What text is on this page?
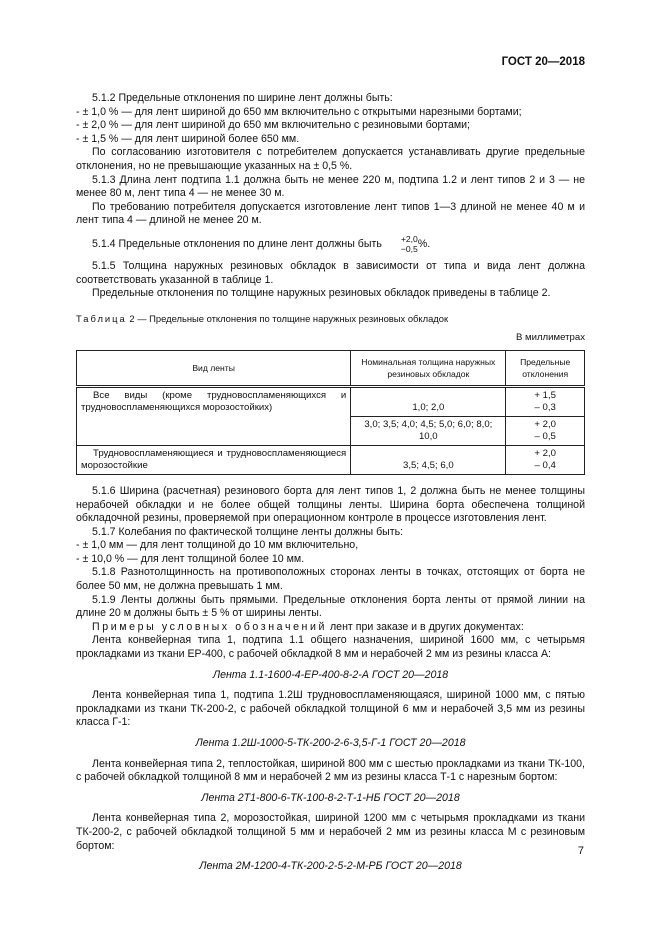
ГОСТ 20—2018

5.1.2 Предельные отклонения по ширине лент должны быть:

- ± 1,0 % — для лент шириной до 650 мм включительно с открытыми нарезными бортами;

- ± 2,0 % — для лент шириной до 650 мм включительно с резиновыми бортами;

- ± 1,5 % — для лент шириной более 650 мм.

По согласованию изготовителя с потребителем допускается устанавливать другие предельные отклонения, но не превышающие указанных на ± 0,5 %.

5.1.3 Длина лент подтипа 1.1 должна быть не менее 220 м, подтипа 1.2 и лент типов 2 и 3 — не менее 80 м, лент типа 4 — не менее 30 м.

По требованию потребителя допускается изготовление лент типов 1—3 длиной не менее 40 м и лент типа 4 — длиной не менее 20 м.

5.1.4 Предельные отклонения по длине лент должны быть	+2,0
−0,5 %.

5.1.5 Толщина наружных резиновых обкладок в зависимости от типа и вида лент должна соответствовать указанной в таблице 1.

Предельные отклонения по толщине наружных резиновых обкладок приведены в таблице 2.

Таблица 2 — Предельные отклонения по толщине наружных резиновых обкладок

В миллиметрах

Вид ленты	Номинальная толщина наружных резиновых обкладок	Предельные отклонения
Все виды (кроме трудновоспламеняющихся и трудновоспламеняющихся морозостойких)	1,0; 2,0	+ 1,5
– 0,3

	3,0; 3,5; 4,0; 4,5; 5,0; 6,0; 8,0; 10,0	+ 2,0
– 0,5

Трудновоспламеняющиеся и трудновоспламеняющиеся морозостойкие	3,5; 4,5; 6,0	+ 2,0
– 0,4

5.1.6 Ширина (расчетная) резинового борта для лент типов 1, 2 должна быть не менее толщины нерабочей обкладки и не более общей толщины ленты. Ширина борта обеспечена толщиной обкладочной резины, проверяемой при операционном контроле в процессе изготовления лент.

5.1.7 Колебания по фактической толщине ленты должны быть:

- ± 1,0 мм — для лент толщиной до 10 мм включительно,

- ± 10,0 % — для лент толщиной более 10 мм.

5.1.8 Разнотолщинность на противоположных сторонах ленты в точках, отстоящих от борта не более 50 мм, не должна превышать 1 мм.

5.1.9 Ленты должны быть прямыми. Предельные отклонения борта ленты от прямой линии на длине 20 м должны быть ± 5 % от ширины ленты.

Примеры условных обозначений лент при заказе и в других документах:

Лента конвейерная типа 1, подтипа 1.1 общего назначения, шириной 1600 мм, с четырьмя прокладками из ткани ЕР-400, с рабочей обкладкой 8 мм и нерабочей 2 мм из резины класса А:

Лента 1.1-1600-4-ЕР-400-8-2-А ГОСТ 20—2018

Лента конвейерная типа 1, подтипа 1.2Ш трудновоспламеняющаяся, шириной 1000 мм, с пятью прокладками из ткани ТК-200-2, с рабочей обкладкой толщиной 6 мм и нерабочей 3,5 мм из резины класса Г-1:

Лента 1.2Ш-1000-5-ТК-200-2-6-3,5-Г-1 ГОСТ 20—2018

Лента конвейерная типа 2, теплостойкая, шириной 800 мм с шестью прокладками из ткани ТК-100, с рабочей обкладкой толщиной 8 мм и нерабочей 2 мм из резины класса Т-1 с нарезным бортом:

Лента 2Т1-800-6-ТК-100-8-2-Т-1-НБ ГОСТ 20—2018

Лента конвейерная типа 2, морозостойкая, шириной 1200 мм с четырьмя прокладками из ткани ТК-200-2, с рабочей обкладкой толщиной 5 мм и нерабочей 2 мм из резины класса М с резиновым бортом:

Лента 2М-1200-4-ТК-200-2-5-2-М-РБ ГОСТ 20—2018

7
